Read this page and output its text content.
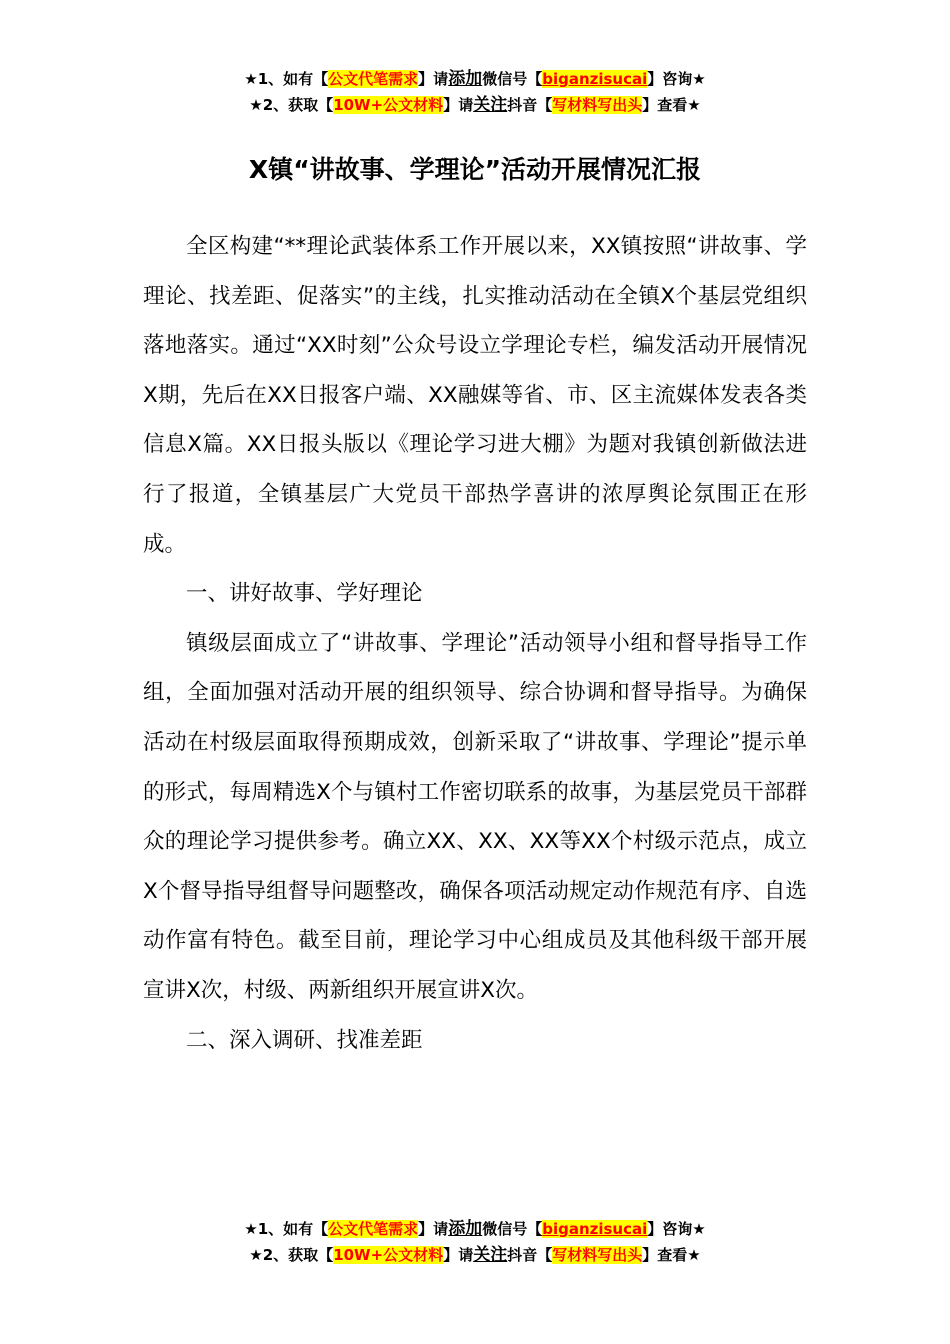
★1、如有【公文代笔需求】请添加微信号【biganzisucai】咨询★
★2、获取【10W+公文材料】请关注抖音【写材料写出头】查看★
X镇“讲故事、学理论”活动开展情况汇报

全区构建“**理论武装体系工作开展以来，XX镇按照“讲故事、学理论、找差距、促落实”的主线，扎实推动活动在全镇X个基层党组织落地落实。通过“XX时刻”公众号设立学理论专栏，编发活动开展情况X期，先后在XX日报客户端、XX融媒等省、市、区主流媒体发表各类信息X篇。XX日报头版以《理论学习进大棚》为题对我镇创新做法进行了报道，全镇基层广大党员干部热学喜讲的浓厚舆论氛围正在形成。

一、讲好故事、学好理论

镇级层面成立了“讲故事、学理论”活动领导小组和督导指导工作组，全面加强对活动开展的组织领导、综合协调和督导指导。为确保活动在村级层面取得预期成效，创新采取了“讲故事、学理论”提示单的形式，每周精选X个与镇村工作密切联系的故事，为基层党员干部群众的理论学习提供参考。确立XX、XX、XX等XX个村级示范点，成立X个督导指导组督导问题整改，确保各项活动规定动作规范有序、自选动作富有特色。截至目前，理论学习中心组成员及其他科级干部开展宣讲X次，村级、两新组织开展宣讲X次。

二、深入调研、找准差距

★1、如有【公文代笔需求】请添加微信号【biganzisucai】咨询★
★2、获取【10W+公文材料】请关注抖音【写材料写出头】查看★
